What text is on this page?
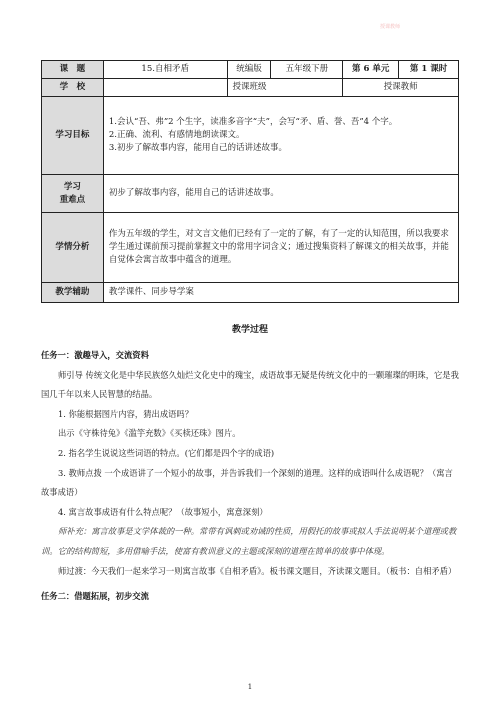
授课教师
课　题	15.自相矛盾	统编版	五年级下册	第 6 单元	第 1 课时
学　校		授课班级		授课教师	
学习目标	1.会认“吾、弗”2 个生字，读准多音字“夫”，会写“矛、盾、誉、吾”4 个字。
2.正确、流利、有感情地朗读课文。
3.初步了解故事内容，能用自己的话讲述故事。				

学习
重难点	初步了解故事内容，能用自己的话讲述故事。				
学情分析	作为五年级的学生，对文言文他们已经有了一定的了解，有了一定的认知范围，所以我要求学生通过课前预习提前掌握文中的常用字词含义；通过搜集资料了解课文的相关故事，并能自觉体会寓言故事中蕴含的道理。				
教学辅助	教学课件、同步导学案				
教学过程

任务一：激趣导入，交流资料

师引导 传统文化是中华民族悠久灿烂文化史中的瑰宝，成语故事无疑是传统文化中的一颗璀璨的明珠，它是我国几千年以来人民智慧的结晶。

1. 你能根据图片内容，猜出成语吗？

出示《守株待兔》《滥竽充数》《买椟还珠》图片。

2. 指名学生说说这些词语的特点。(它们都是四个字的成语)

3. 教师点拨 一个成语讲了一个短小的故事，并告诉我们一个深刻的道理。这样的成语叫什么成语呢？（寓言故事成语）

4. 寓言故事成语有什么特点呢？（故事短小，寓意深刻）

师补充：寓言故事是文学体裁的一种。常带有讽刺或劝诫的性质，用假托的故事或拟人手法说明某个道理或教训。它的结构简短，多用借喻手法，使富有教训意义的主题或深刻的道理在简单的故事中体现。

师过渡：今天我们一起来学习一则寓言故事《自相矛盾》。板书课文题目，齐读课文题目。（板书：自相矛盾）

任务二：借题拓展，初步交流

1
